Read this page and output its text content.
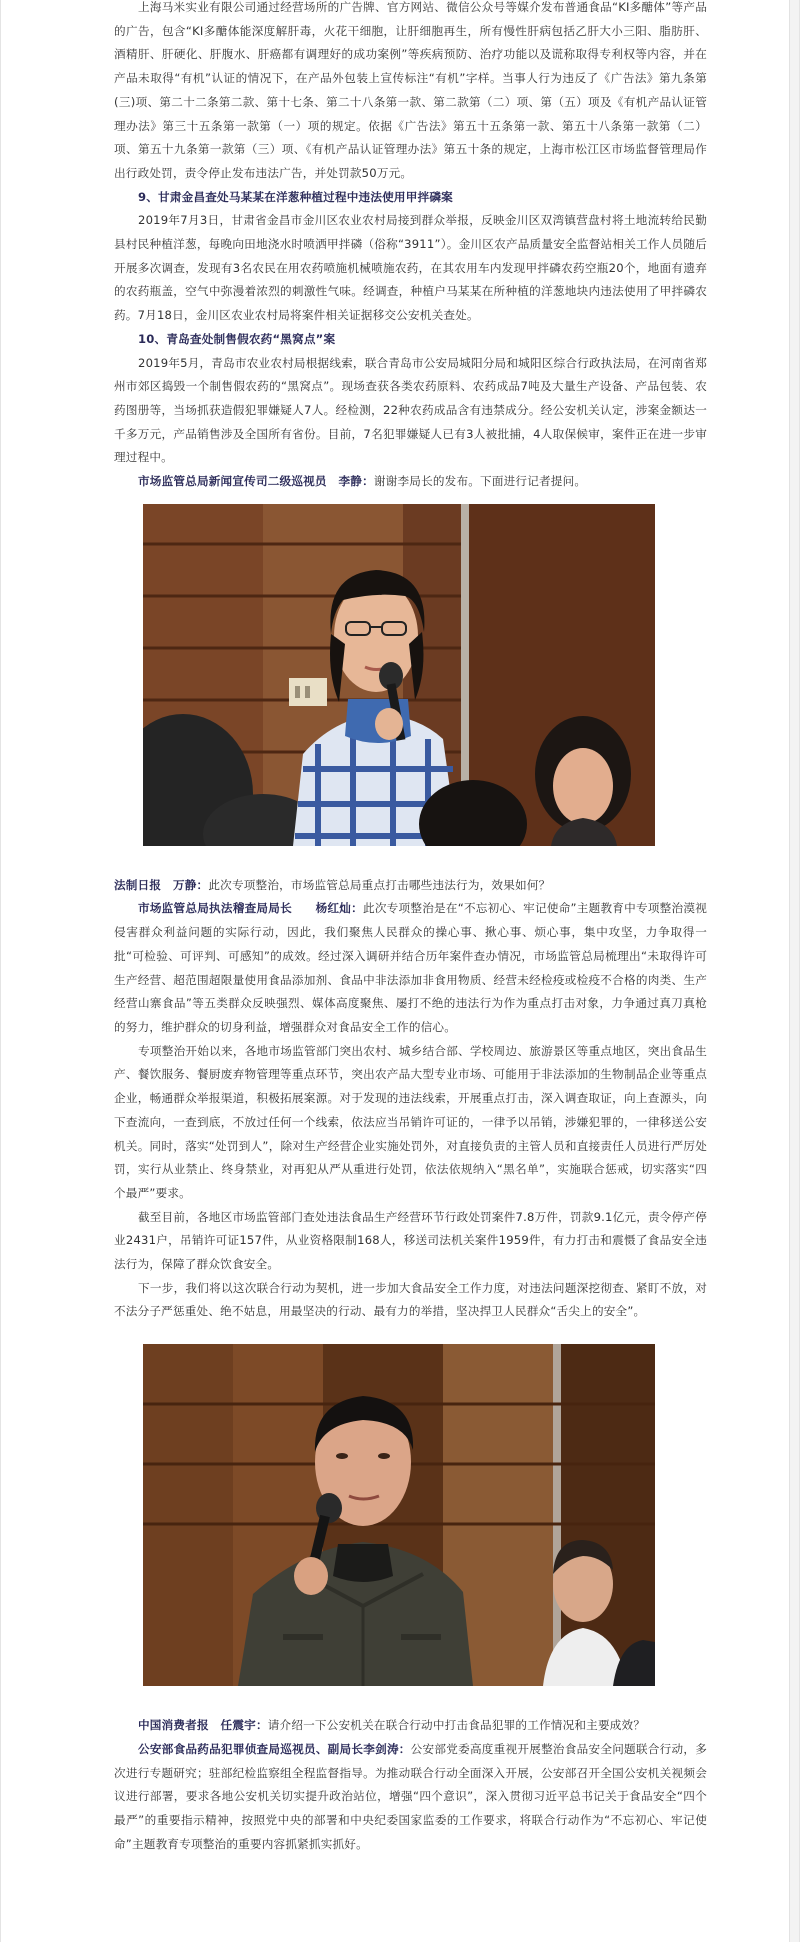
上海马米实业有限公司通过经营场所的广告牌、官方网站、微信公众号等媒介发布普通食品“KI多醣体”等产品的广告，包含“KI多醣体能深度解肝毒，火花干细胞，让肝细胞再生，所有慢性肝病包括乙肝大小三阳、脂肪肝、酒精肝、肝硬化、肝腹水、肝癌都有调理好的成功案例”等疾病预防、治疗功能以及谎称取得专利权等内容，并在产品未取得“有机”认证的情况下，在产品外包装上宣传标注“有机”字样。当事人行为违反了《广告法》第九条第(三)项、第二十二条第二款、第十七条、第二十八条第一款、第二款第（二）项、第（五）项及《有机产品认证管理办法》第三十五条第一款第（一）项的规定。依据《广告法》第五十五条第一款、第五十八条第一款第（二）项、第五十九条第一款第（三）项、《有机产品认证管理办法》第五十条的规定，上海市松江区市场监督管理局作出行政处罚，责令停止发布违法广告，并处罚款50万元。

9、甘肃金昌查处马某某在洋葱种植过程中违法使用甲拌磷案

2019年7月3日，甘肃省金昌市金川区农业农村局接到群众举报，反映金川区双湾镇营盘村将土地流转给民勤县村民种植洋葱，每晚向田地浇水时喷洒甲拌磷（俗称“3911”）。金川区农产品质量安全监督站相关工作人员随后开展多次调查，发现有3名农民在用农药喷施机械喷施农药，在其农用车内发现甲拌磷农药空瓶20个，地面有遗弃的农药瓶盖，空气中弥漫着浓烈的刺激性气味。经调查，种植户马某某在所种植的洋葱地块内违法使用了甲拌磷农药。7月18日，金川区农业农村局将案件相关证据移交公安机关查处。

10、青岛查处制售假农药“黑窝点”案

2019年5月，青岛市农业农村局根据线索，联合青岛市公安局城阳分局和城阳区综合行政执法局，在河南省郑州市郊区捣毁一个制售假农药的“黑窝点”。现场查获各类农药原料、农药成品7吨及大量生产设备、产品包装、农药图册等，当场抓获造假犯罪嫌疑人7人。经检测，22种农药成品含有违禁成分。经公安机关认定，涉案金额达一千多万元，产品销售涉及全国所有省份。目前，7名犯罪嫌疑人已有3人被批捕，4人取保候审，案件正在进一步审理过程中。

市场监管总局新闻宣传司二级巡视员　李静：谢谢李局长的发布。下面进行记者提问。

法制日报　万静：此次专项整治，市场监管总局重点打击哪些违法行为，效果如何？

市场监管总局执法稽查局局长　　杨红灿：此次专项整治是在“不忘初心、牢记使命”主题教育中专项整治漠视侵害群众利益问题的实际行动，因此，我们聚焦人民群众的操心事、揪心事、烦心事，集中攻坚，力争取得一批“可检验、可评判、可感知”的成效。经过深入调研并结合历年案件查办情况，市场监管总局梳理出“未取得许可生产经营、超范围超限量使用食品添加剂、食品中非法添加非食用物质、经营未经检疫或检疫不合格的肉类、生产经营山寨食品”等五类群众反映强烈、媒体高度聚焦、屡打不绝的违法行为作为重点打击对象，力争通过真刀真枪的努力，维护群众的切身利益，增强群众对食品安全工作的信心。

专项整治开始以来，各地市场监管部门突出农村、城乡结合部、学校周边、旅游景区等重点地区，突出食品生产、餐饮服务、餐厨废弃物管理等重点环节，突出农产品大型专业市场、可能用于非法添加的生物制品企业等重点企业，畅通群众举报渠道，积极拓展案源。对于发现的违法线索，开展重点打击，深入调查取证，向上查源头，向下查流向，一查到底，不放过任何一个线索，依法应当吊销许可证的，一律予以吊销，涉嫌犯罪的，一律移送公安机关。同时，落实“处罚到人”，除对生产经营企业实施处罚外，对直接负责的主管人员和直接责任人员进行严厉处罚，实行从业禁止、终身禁业，对再犯从严从重进行处罚，依法依规纳入“黑名单”，实施联合惩戒，切实落实“四个最严”要求。

截至目前，各地区市场监管部门查处违法食品生产经营环节行政处罚案件7.8万件，罚款9.1亿元，责令停产停业2431户，吊销许可证157件，从业资格限制168人，移送司法机关案件1959件，有力打击和震慑了食品安全违法行为，保障了群众饮食安全。

下一步，我们将以这次联合行动为契机，进一步加大食品安全工作力度，对违法问题深挖彻查、紧盯不放，对不法分子严惩重处、绝不姑息，用最坚决的行动、最有力的举措，坚决捍卫人民群众“舌尖上的安全”。

中国消费者报　任震宇：请介绍一下公安机关在联合行动中打击食品犯罪的工作情况和主要成效？

公安部食品药品犯罪侦查局巡视员、副局长李剑涛：公安部党委高度重视开展整治食品安全问题联合行动，多次进行专题研究；驻部纪检监察组全程监督指导。为推动联合行动全面深入开展，公安部召开全国公安机关视频会议进行部署，要求各地公安机关切实提升政治站位，增强“四个意识”，深入贯彻习近平总书记关于食品安全“四个最严”的重要指示精神，按照党中央的部署和中央纪委国家监委的工作要求，将联合行动作为“不忘初心、牢记使命”主题教育专项整治的重要内容抓紧抓实抓好。
